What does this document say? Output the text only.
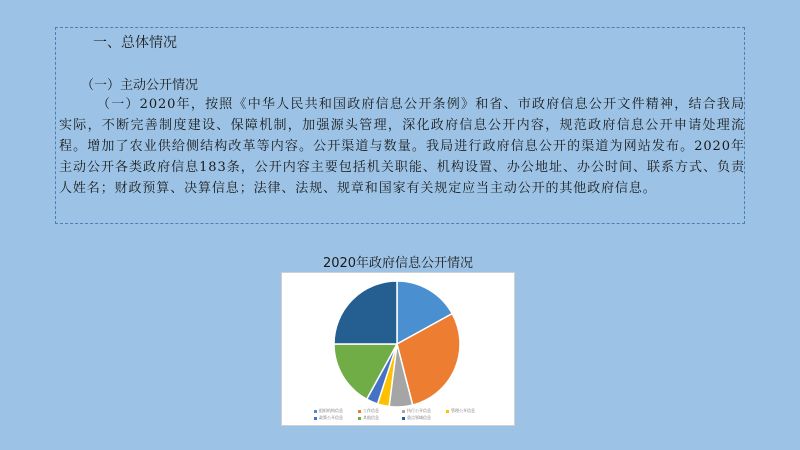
一、总体情况
（一）主动公开情况
（一）2020年，按照《中华人民共和国政府信息公开条例》和省、市政府信息公开文件精神，结合我局实际，不断完善制度建设、保障机制，加强源头管理，深化政府信息公开内容，规范政府信息公开申请处理流程。增加了农业供给侧结构改革等内容。公开渠道与数量。我局进行政府信息公开的渠道为网站发布。2020年主动公开各类政府信息183条，公开内容主要包括机关职能、机构设置、办公地址、办公时间、联系方式、负责人姓名；财政预算、决算信息；法律、法规、规章和国家有关规定应当主动公开的其他政府信息。
2020年政府信息公开情况
组织机构信息	工作信息	执行公开信息	管理公开信息政策公开信息	其他信息	重点领域信息
